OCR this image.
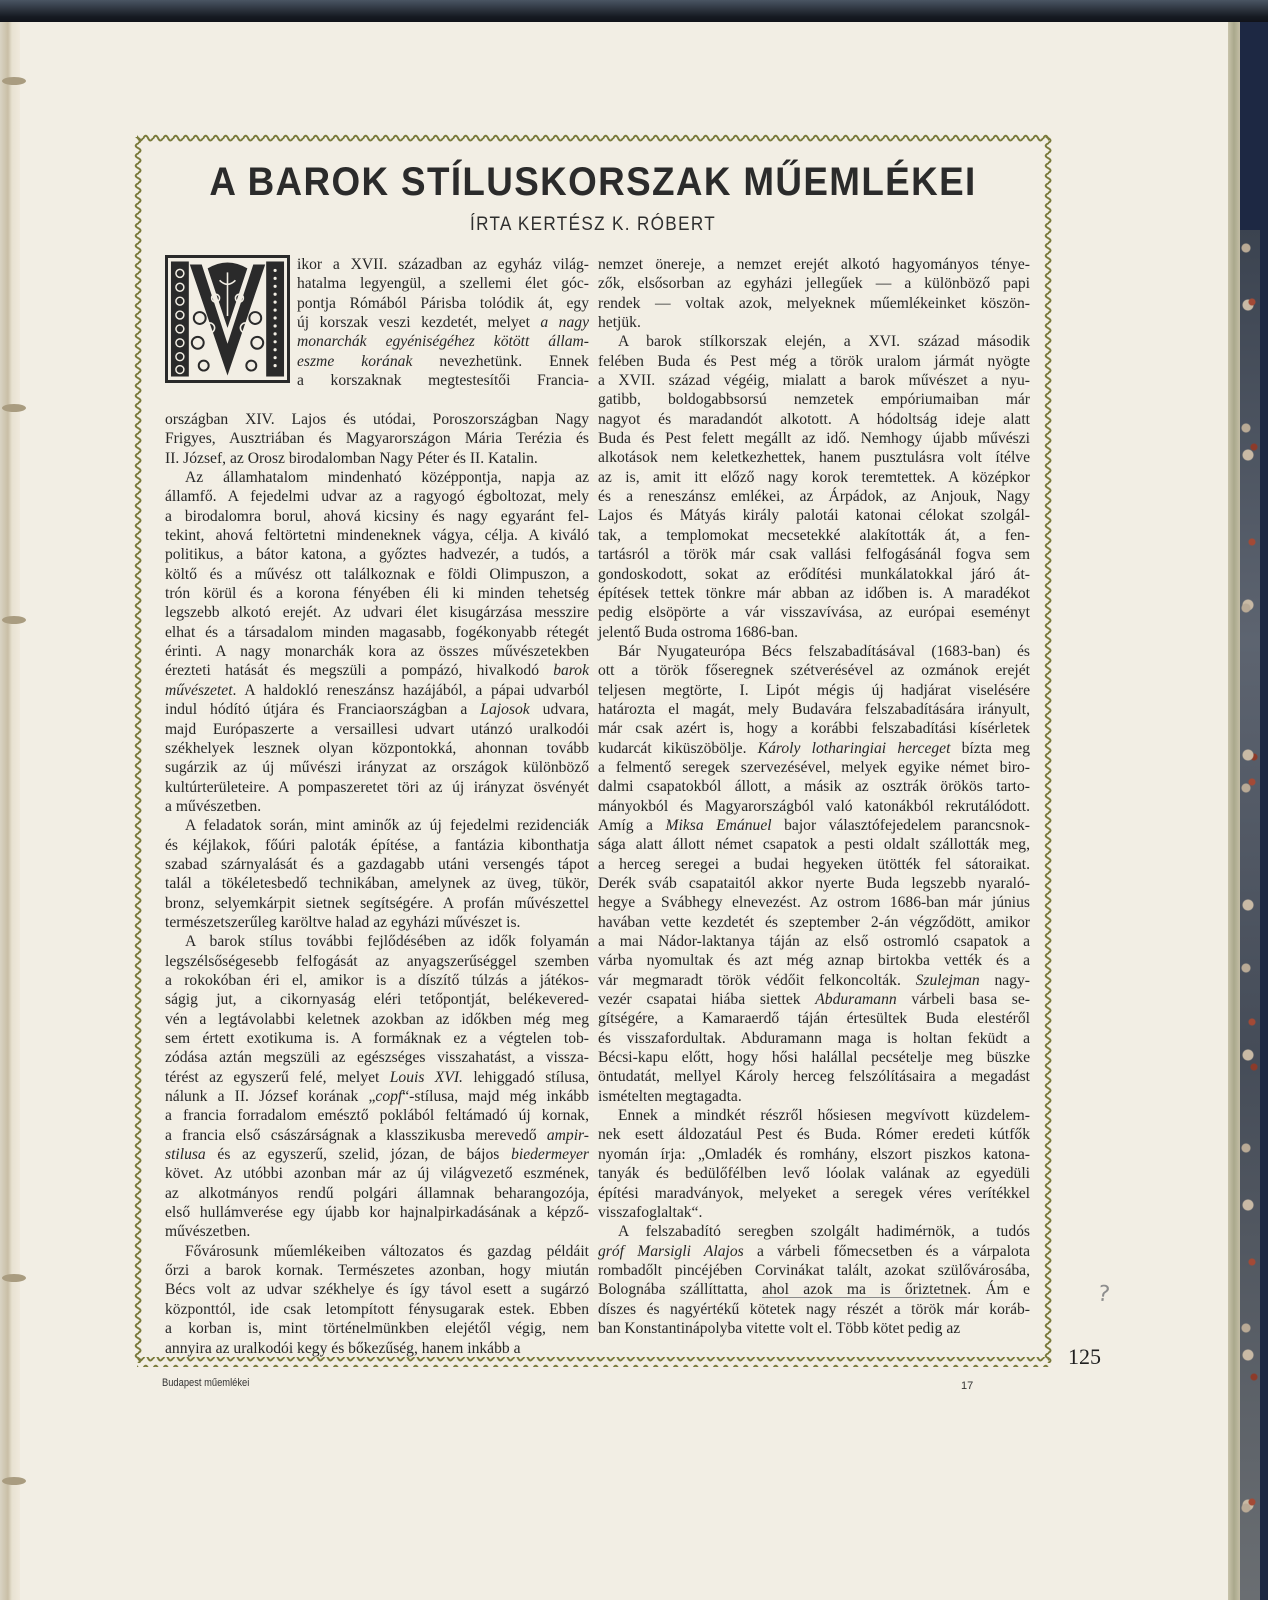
A BAROK STÍLUSKORSZAK MŰEMLÉKEI
ÍRTA KERTÉSZ K. RÓBERT
ikor a XVII. században az egyház világ-
hatalma legyengül, a szellemi élet góc-
pontja Rómából Párisba tolódik át, egy
új korszak veszi kezdetét, melyet a nagy
monarchák egyéniségéhez kötött állam-
eszme korának nevezhetünk. Ennek
a korszaknak megtestesítői Francia-
országban XIV. Lajos és utódai, Poroszországban Nagy
Frigyes, Ausztriában és Magyarországon Mária Terézia és
II. József, az Orosz birodalomban Nagy Péter és II. Katalin.
Az államhatalom mindenható középpontja, napja az
államfő. A fejedelmi udvar az a ragyogó égboltozat, mely
a birodalomra borul, ahová kicsiny és nagy egyaránt fel-
tekint, ahová feltörtetni mindeneknek vágya, célja. A kiváló
politikus, a bátor katona, a győztes hadvezér, a tudós, a
költő és a művész ott találkoznak e földi Olimpuszon, a
trón körül és a korona fényében éli ki minden tehetség
legszebb alkotó erejét. Az udvari élet kisugárzása messzire
elhat és a társadalom minden magasabb, fogékonyabb rétegét
érinti. A nagy monarchák kora az összes művészetekben
érezteti hatását és megszüli a pompázó, hivalkodó barok
művészetet. A haldokló reneszánsz hazájából, a pápai udvarból
indul hódító útjára és Franciaországban a Lajosok udvara,
majd Európaszerte a versaillesi udvart utánzó uralkodói
székhelyek lesznek olyan központokká, ahonnan tovább
sugárzik az új művészi irányzat az országok különböző
kultúrterületeire. A pompaszeretet töri az új irányzat ösvényét
a művészetben.
A feladatok során, mint aminők az új fejedelmi rezidenciák
és kéjlakok, főúri paloták építése, a fantázia kibonthatja
szabad szárnyalását és a gazdagabb utáni versengés tápot
talál a tökéletesbedő technikában, amelynek az üveg, tükör,
bronz, selyemkárpit sietnek segítségére. A profán művészettel
természetszerűleg karöltve halad az egyházi művészet is.
A barok stílus további fejlődésében az idők folyamán
legszélsőségesebb felfogását az anyagszerűséggel szemben
a rokokóban éri el, amikor is a díszítő túlzás a játékos-
ságig jut, a cikornyaság eléri tetőpontját, belékevered-
vén a legtávolabbi keletnek azokban az időkben még meg
sem értett exotikuma is. A formáknak ez a végtelen tob-
zódása aztán megszüli az egészséges visszahatást, a vissza-
térést az egyszerű felé, melyet Louis XVI. lehiggadó stílusa,
nálunk a II. József korának „copf“-stílusa, majd még inkább
a francia forradalom emésztő poklából feltámadó új kornak,
a francia első császárságnak a klasszikusba merevedő ampir-
stilusa és az egyszerű, szelid, józan, de bájos biedermeyer
követ. Az utóbbi azonban már az új világvezető eszmének,
az alkotmányos rendű polgári államnak beharangozója,
első hullámverése egy újabb kor hajnalpirkadásának a képző-
művészetben.
Fővárosunk műemlékeiben változatos és gazdag példáit
őrzi a barok kornak. Természetes azonban, hogy miután
Bécs volt az udvar székhelye és így távol esett a sugárzó
központtól, ide csak letompított fénysugarak estek. Ebben
a korban is, mint történelmünkben elejétől végig, nem
annyira az uralkodói kegy és bőkezűség, hanem inkább a
nemzet önereje, a nemzet erejét alkotó hagyományos ténye-
zők, elsősorban az egyházi jellegűek — a különböző papi
rendek — voltak azok, melyeknek műemlékeinket köszön-
hetjük.
A barok stílkorszak elején, a XVI. század második
felében Buda és Pest még a török uralom jármát nyögte
a XVII. század végéig, mialatt a barok művészet a nyu-
gatibb, boldogabbsorsú nemzetek empóriumaiban már
nagyot és maradandót alkotott. A hódoltság ideje alatt
Buda és Pest felett megállt az idő. Nemhogy újabb művészi
alkotások nem keletkezhettek, hanem pusztulásra volt ítélve
az is, amit itt előző nagy korok teremtettek. A középkor
és a reneszánsz emlékei, az Árpádok, az Anjouk, Nagy
Lajos és Mátyás király palotái katonai célokat szolgál-
tak, a templomokat mecsetekké alakították át, a fen-
tartásról a török már csak vallási felfogásánál fogva sem
gondoskodott, sokat az erődítési munkálatokkal járó át-
építések tettek tönkre már abban az időben is. A maradékot
pedig elsöpörte a vár visszavívása, az európai eseményt
jelentő Buda ostroma 1686-ban.
Bár Nyugateurópa Bécs felszabadításával (1683-ban) és
ott a török főseregnek szétverésével az ozmánok erejét
teljesen megtörte, I. Lipót mégis új hadjárat viselésére
határozta el magát, mely Budavára felszabadítására irányult,
már csak azért is, hogy a korábbi felszabadítási kísérletek
kudarcát kiküszöbölje. Károly lotharingiai herceget bízta meg
a felmentő seregek szervezésével, melyek egyike német biro-
dalmi csapatokból állott, a másik az osztrák örökös tarto-
mányokból és Magyarországból való katonákból rekrutálódott.
Amíg a Miksa Emánuel bajor választófejedelem parancsnok-
sága alatt állott német csapatok a pesti oldalt szállották meg,
a herceg seregei a budai hegyeken ütötték fel sátoraikat.
Derék sváb csapataitól akkor nyerte Buda legszebb nyaraló-
hegye a Svábhegy elnevezést. Az ostrom 1686-ban már június
havában vette kezdetét és szeptember 2-án végződött, amikor
a mai Nádor-laktanya táján az első ostromló csapatok a
várba nyomultak és azt még aznap birtokba vették és a
vár megmaradt török védőit felkoncolták. Szulejman nagy-
vezér csapatai hiába siettek Abduramann várbeli basa se-
gítségére, a Kamaraerdő táján értesültek Buda elestéről
és visszafordultak. Abduramann maga is holtan feküdt a
Bécsi-kapu előtt, hogy hősi halállal pecsételje meg büszke
öntudatát, mellyel Károly herceg felszólításaira a megadást
ismételten megtagadta.
Ennek a mindkét részről hősiesen megvívott küzdelem-
nek esett áldozatául Pest és Buda. Rómer eredeti kútfők
nyomán írja: „Omladék és romhány, elszort piszkos katona-
tanyák és bedülőfélben levő lóolak valának az egyedüli
építési maradványok, melyeket a seregek véres verítékkel
visszafoglaltak“.
A felszabadító seregben szolgált hadimérnök, a tudós
gróf Marsigli Alajos a várbeli főmecsetben és a várpalota
rombadőlt pincéjében Corvinákat talált, azokat szülővárosába,
Bolognába szállíttatta, ahol azok ma is őriztetnek. Ám e
díszes és nagyértékű kötetek nagy részét a török már koráb-
ban Konstantinápolyba vitette volt el. Több kötet pedig az
Budapest műemlékei	17
125
?
